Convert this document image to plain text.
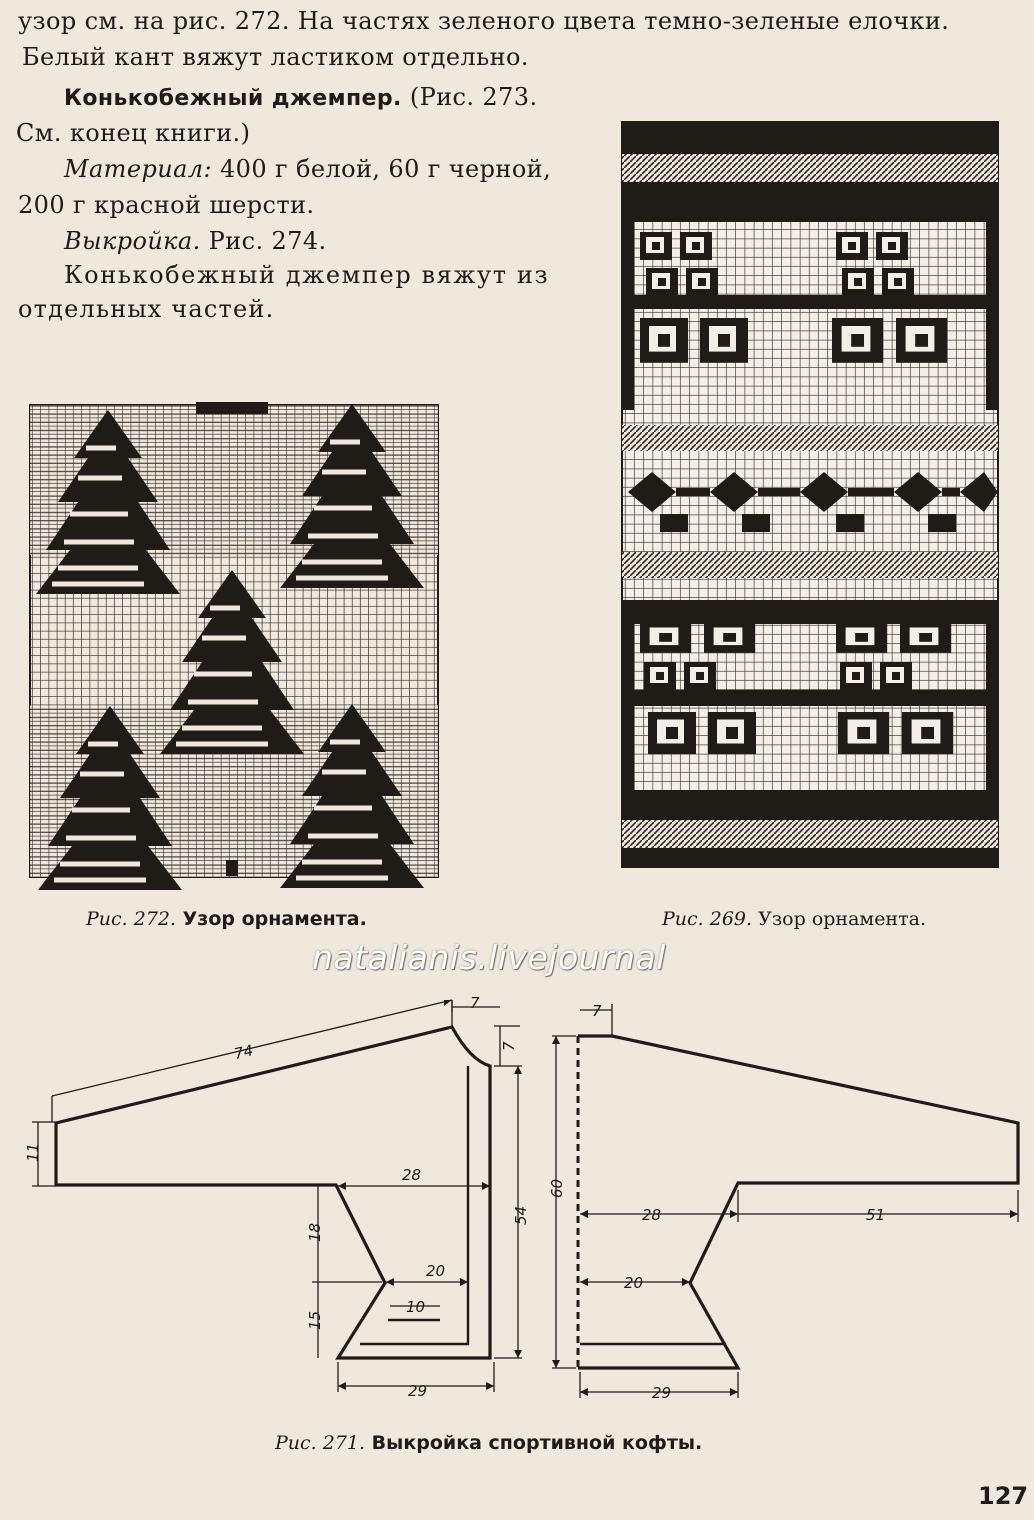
узор см. на рис. 272. На частях зеленого цвета темно-зеленые елочки.
Белый кант вяжут ластиком отдельно.
Конькобежный джемпер. (Рис. 273.
См. конец книги.)
Материал: 400 г белой, 60 г черной,
200 г красной шерсти.
Выкройка. Рис. 274.
Конькобежный джемпер вяжут из
отдельных частей.
74
7
7
11
28
18
15
20
10
54
29
7
60
28	51
20
29
Рис. 272. Узор орнамента.	Рис. 269. Узор орнамента.
Рис. 271. Выкройка спортивной кофты.
natalianis.livejournal
127
